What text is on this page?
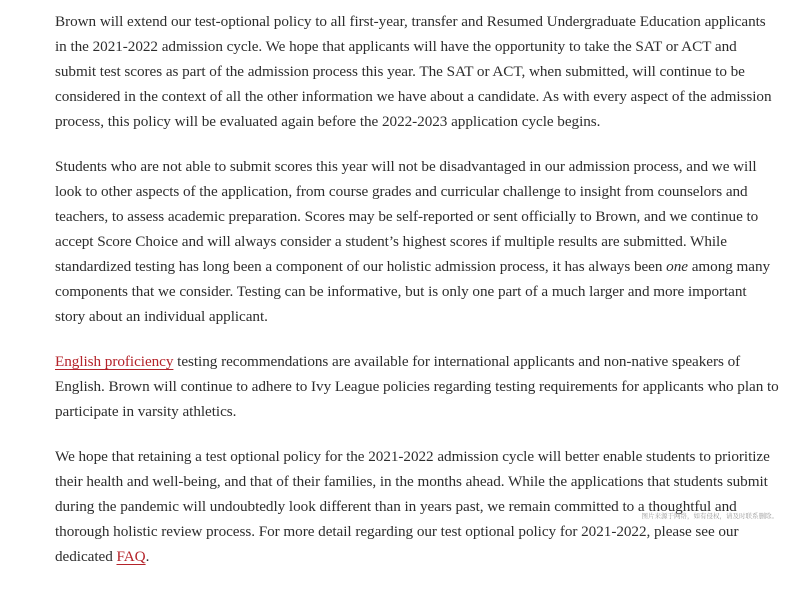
Brown will extend our test-optional policy to all first-year, transfer and Resumed Undergraduate Education applicants in the 2021-2022 admission cycle. We hope that applicants will have the opportunity to take the SAT or ACT and submit test scores as part of the admission process this year. The SAT or ACT, when submitted, will continue to be considered in the context of all the other information we have about a candidate. As with every aspect of the admission process, this policy will be evaluated again before the 2022-2023 application cycle begins.

Students who are not able to submit scores this year will not be disadvantaged in our admission process, and we will look to other aspects of the application, from course grades and curricular challenge to insight from counselors and teachers, to assess academic preparation. Scores may be self-reported or sent officially to Brown, and we continue to accept Score Choice and will always consider a student’s highest scores if multiple results are submitted. While standardized testing has long been a component of our holistic admission process, it has always been one among many components that we consider. Testing can be informative, but is only one part of a much larger and more important story about an individual applicant.

English proficiency testing recommendations are available for international applicants and non-native speakers of English. Brown will continue to adhere to Ivy League policies regarding testing requirements for applicants who plan to participate in varsity athletics.

We hope that retaining a test optional policy for the 2021-2022 admission cycle will better enable students to prioritize their health and well-being, and that of their families, in the months ahead. While the applications that students submit during the pandemic will undoubtedly look different than in years past, we remain committed to a thoughtful and thorough holistic review process. For more detail regarding our test optional policy for 2021-2022, please see our dedicated FAQ.

图片来源于网络，如有侵权，请及时联系删除。
